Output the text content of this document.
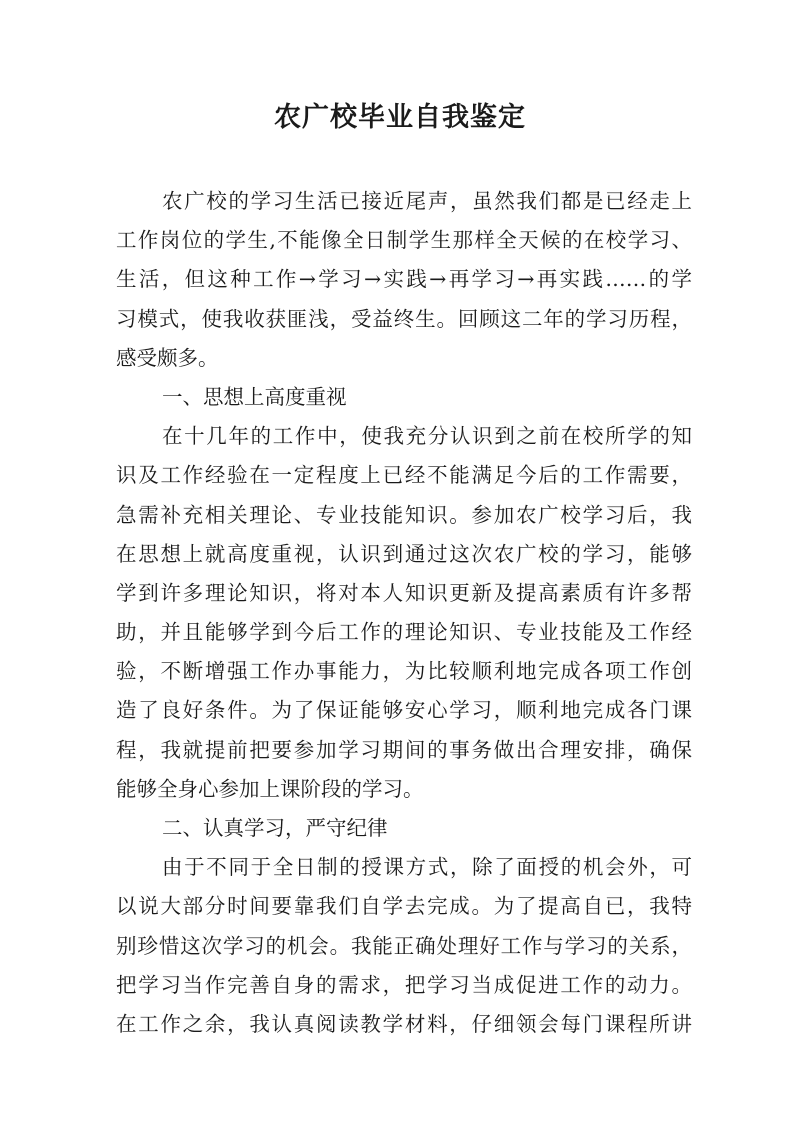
农广校毕业自我鉴定
农广校的学习生活已接近尾声，虽然我们都是已经走上
工作岗位的学生,不能像全日制学生那样全天候的在校学习、
生活，但这种工作→学习→实践→再学习→再实践……的学
习模式，使我收获匪浅，受益终生。回顾这二年的学习历程，
感受颇多。
一、思想上高度重视
在十几年的工作中，使我充分认识到之前在校所学的知
识及工作经验在一定程度上已经不能满足今后的工作需要，
急需补充相关理论、专业技能知识。参加农广校学习后，我
在思想上就高度重视，认识到通过这次农广校的学习，能够
学到许多理论知识，将对本人知识更新及提高素质有许多帮
助，并且能够学到今后工作的理论知识、专业技能及工作经
验，不断增强工作办事能力，为比较顺利地完成各项工作创
造了良好条件。为了保证能够安心学习，顺利地完成各门课
程，我就提前把要参加学习期间的事务做出合理安排，确保
能够全身心参加上课阶段的学习。
二、认真学习，严守纪律
由于不同于全日制的授课方式，除了面授的机会外，可
以说大部分时间要靠我们自学去完成。为了提高自已，我特
别珍惜这次学习的机会。我能正确处理好工作与学习的关系，
把学习当作完善自身的需求，把学习当成促进工作的动力。
在工作之余，我认真阅读教学材料，仔细领会每门课程所讲
